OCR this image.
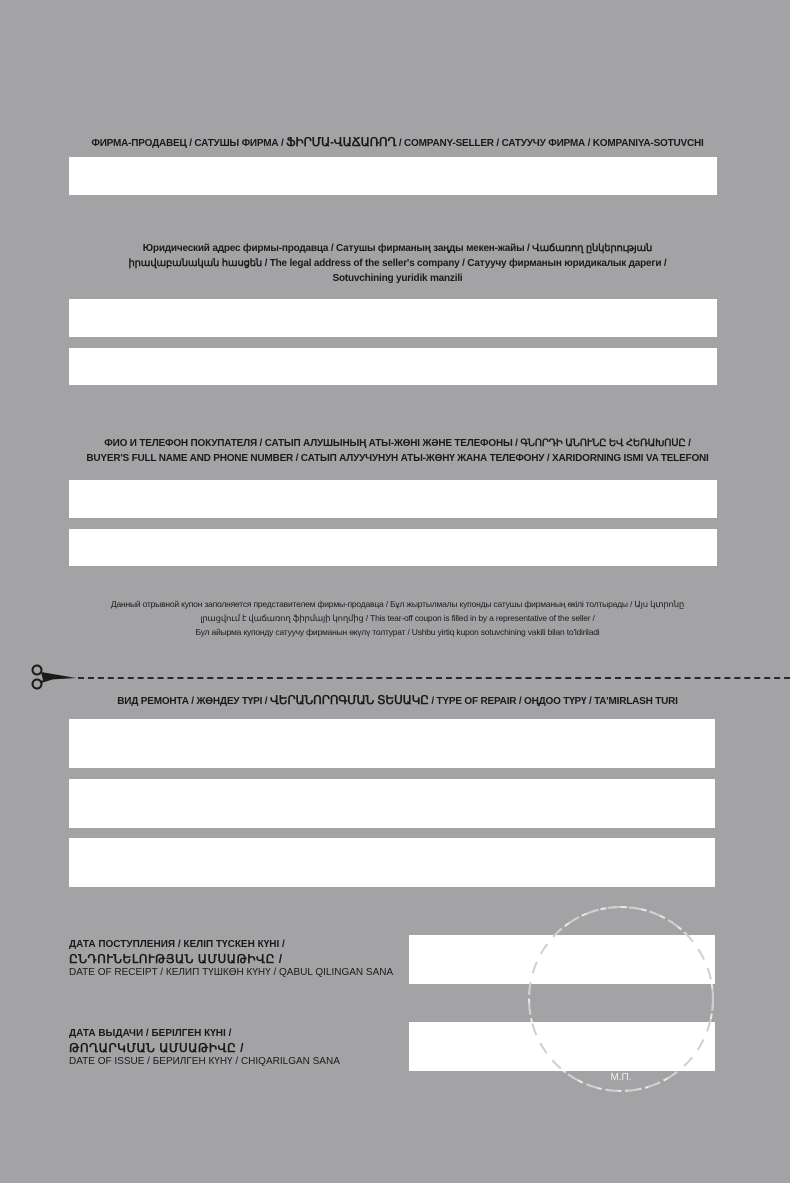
ФИРМА-ПРОДАВЕЦ / САТУШЫ ФИРМА / ՖԻՐՄԱ-ՎԱՃԱՌՈՂ / COMPANY-SELLER / САТУУЧУ ФИРМА / KOMPANIYA-SOTUVCHI
Юридический адрес фирмы-продавца / Сатушы фирманың заңды мекен-жайы / Վաճառող ընկերության
իրավաբանական հասցեն / The legal address of the seller's company / Сатуучу фирманын юридикалык дареги /
Sotuvchining yuridik manzili
ФИО И ТЕЛЕФОН ПОКУПАТЕЛЯ / САТЫП АЛУШЫНЫҢ АТЫ-ЖӨНІ ЖӘНЕ ТЕЛЕФОНЫ / ԳՆՈՐԴԻ ԱՆՈՒՆԸ ԵՎ ՀԵՌԱԽՈՍԸ /
BUYER'S FULL NAME AND PHONE NUMBER / САТЫП АЛУУЧУНУН АТЫ-ЖӨНҮ ЖАНА ТЕЛЕФОНУ / XARIDORNING ISMI VA TELEFONI
Данный отрывной купон заполняется представителем фирмы-продавца / Бұл жыртылмалы купонды сатушы фирманың өкілі толтырады / Այս կտրոնը
լրացվում է վաճառող ֆիրմայի կողմից / This tear-off coupon is filled in by a representative of the seller /
Бул айырма купонду сатуучу фирманын өкүлү толтурат / Ushbu yirtiq kupon sotuvchining vakili bilan to'ldiriladi
ВИД РЕМОНТА / ЖӨНДЕУ ТҮРІ / ՎԵՐԱՆՈՐՈԳՄԱՆ ՏԵՍԱԿԸ / TYPE OF REPAIR / ОҢДОО ТҮРҮ / TA'MIRLASH TURI
М.П.
ДАТА ПОСТУПЛЕНИЯ / КЕЛІП ТҮСКЕН КҮНІ /
ԸՆԴՈՒՆԵԼՈՒԹՅԱՆ ԱՄՍԱԹԻՎԸ /
DATE OF RECEIPT / КЕЛИП ТҮШКӨН КҮНҮ / QABUL QILINGAN SANA
ДАТА ВЫДАЧИ / БЕРІЛГЕН КҮНІ /
ԹՈՂԱՐԿՄԱՆ ԱՄՍԱԹԻՎԸ /
DATE OF ISSUE / БЕРИЛГЕН КҮНҮ / CHIQARILGAN SANA
